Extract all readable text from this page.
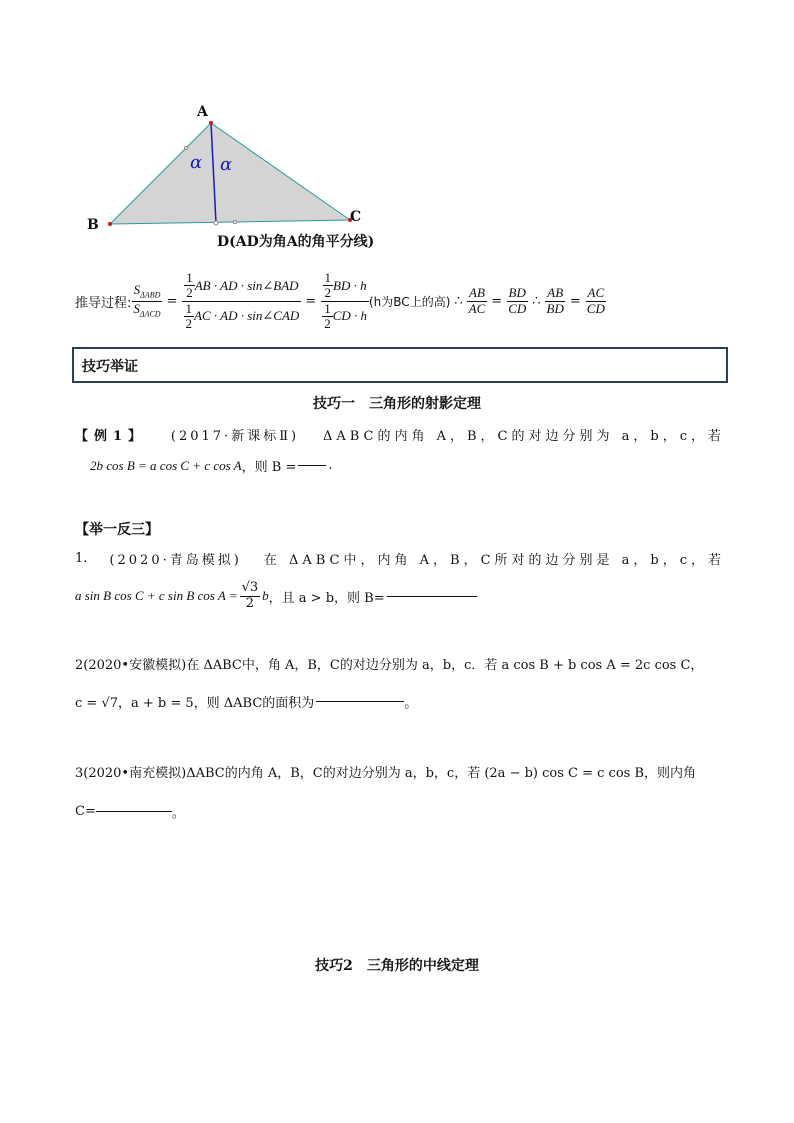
α α
A
B	C
D(AD为角A的角平分线)
推导过程: $\frac{S_{\Delta ABD}}{S_{\Delta ACD}} = \frac{\frac{1}{2} AB \cdot AD \cdot \sin\angle BAD}{\frac{1}{2} AC \cdot AD \cdot \sin\angle CAD} = \frac{\frac{1}{2} BD \cdot h}{\frac{1}{2} CD \cdot h} (h$为BC上的高) ∴ $\frac{AB}{AC} = \frac{BD}{CD}$ ∴ $\frac{AB}{BD} = \frac{AC}{CD}$
技巧举证
技巧一　三角形的射影定理
【例1】 (2017·新课标Ⅱ) ΔABC的内角 A，B，C的对边分别为 a，b，c，若
2b cos B = a cos C + c cos A ，则 B = .
【举一反三】
1. (2020·青岛模拟) 在 ΔABC中，内角 A，B，C所对的边分别是 a，b，c，若
a sin B cos C + c sin B $\cos A = \frac{√3}{2}$ b ，且 a > b，则 B=
2(2020•安徽模拟)在 ΔABC中，角 A，B，C的对边分别为 a，b，c．若 a cos B + b cos A = 2c cos C，
c = √7，a + b = 5，则 ΔABC的面积为	。
3(2020•南充模拟)ΔABC的内角 A，B，C的对边分别为 a，b，c，若 (2a − b) cos C = c cos B，则内角
C=	。
技巧2　三角形的中线定理
